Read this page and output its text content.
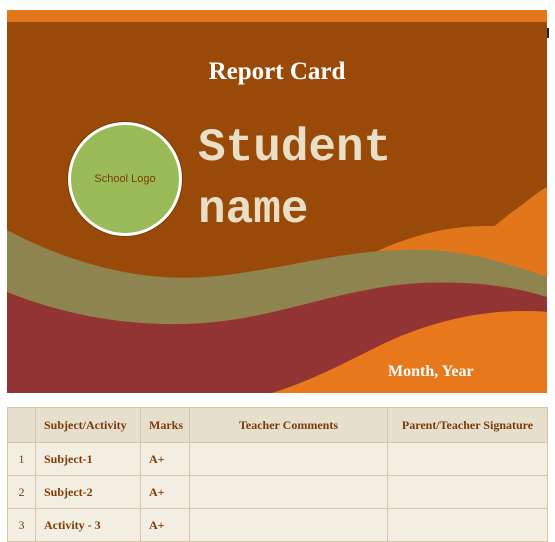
Report Card
School Logo
Student
name
Month, Year
	Subject/Activity	Marks	Teacher Comments	Parent/Teacher Signature
1	Subject-1	A+		
2	Subject-2	A+		
3	Activity - 3	A+		
